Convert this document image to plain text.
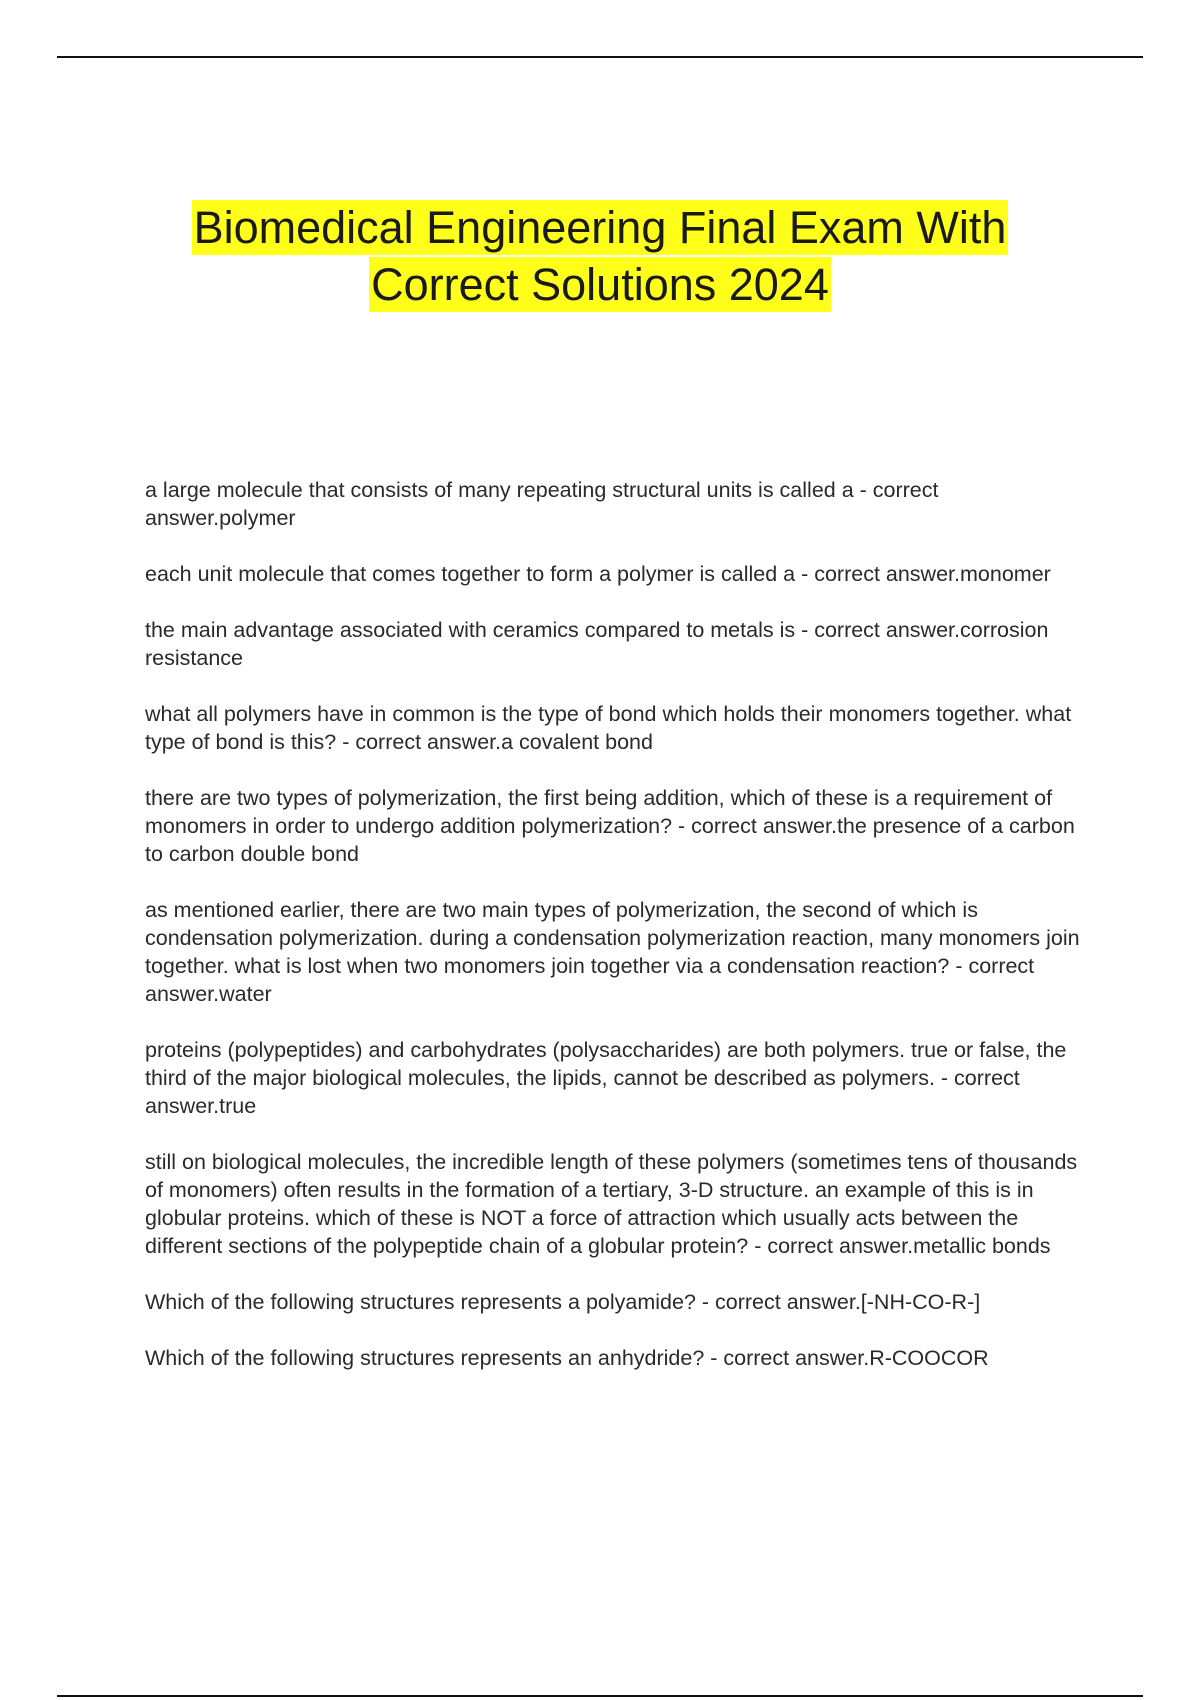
Biomedical Engineering Final Exam With
Correct Solutions 2024
a large molecule that consists of many repeating structural units is called a - correct answer.polymer
each unit molecule that comes together to form a polymer is called a - correct answer.monomer
the main advantage associated with ceramics compared to metals is - correct answer.corrosion resistance
what all polymers have in common is the type of bond which holds their monomers together. what type of bond is this? - correct answer.a covalent bond
there are two types of polymerization, the first being addition, which of these is a requirement of monomers in order to undergo addition polymerization? - correct answer.the presence of a carbon to carbon double bond
as mentioned earlier, there are two main types of polymerization, the second of which is condensation polymerization. during a condensation polymerization reaction, many monomers join together. what is lost when two monomers join together via a condensation reaction? - correct answer.water
proteins (polypeptides) and carbohydrates (polysaccharides) are both polymers. true or false, the third of the major biological molecules, the lipids, cannot be described as polymers. - correct answer.true
still on biological molecules, the incredible length of these polymers (sometimes tens of thousands of monomers) often results in the formation of a tertiary, 3-D structure. an example of this is in globular proteins. which of these is NOT a force of attraction which usually acts between the different sections of the polypeptide chain of a globular protein? - correct answer.metallic bonds
Which of the following structures represents a polyamide? - correct answer.[-NH-CO-R-]
Which of the following structures represents an anhydride? - correct answer.R-COOCOR
